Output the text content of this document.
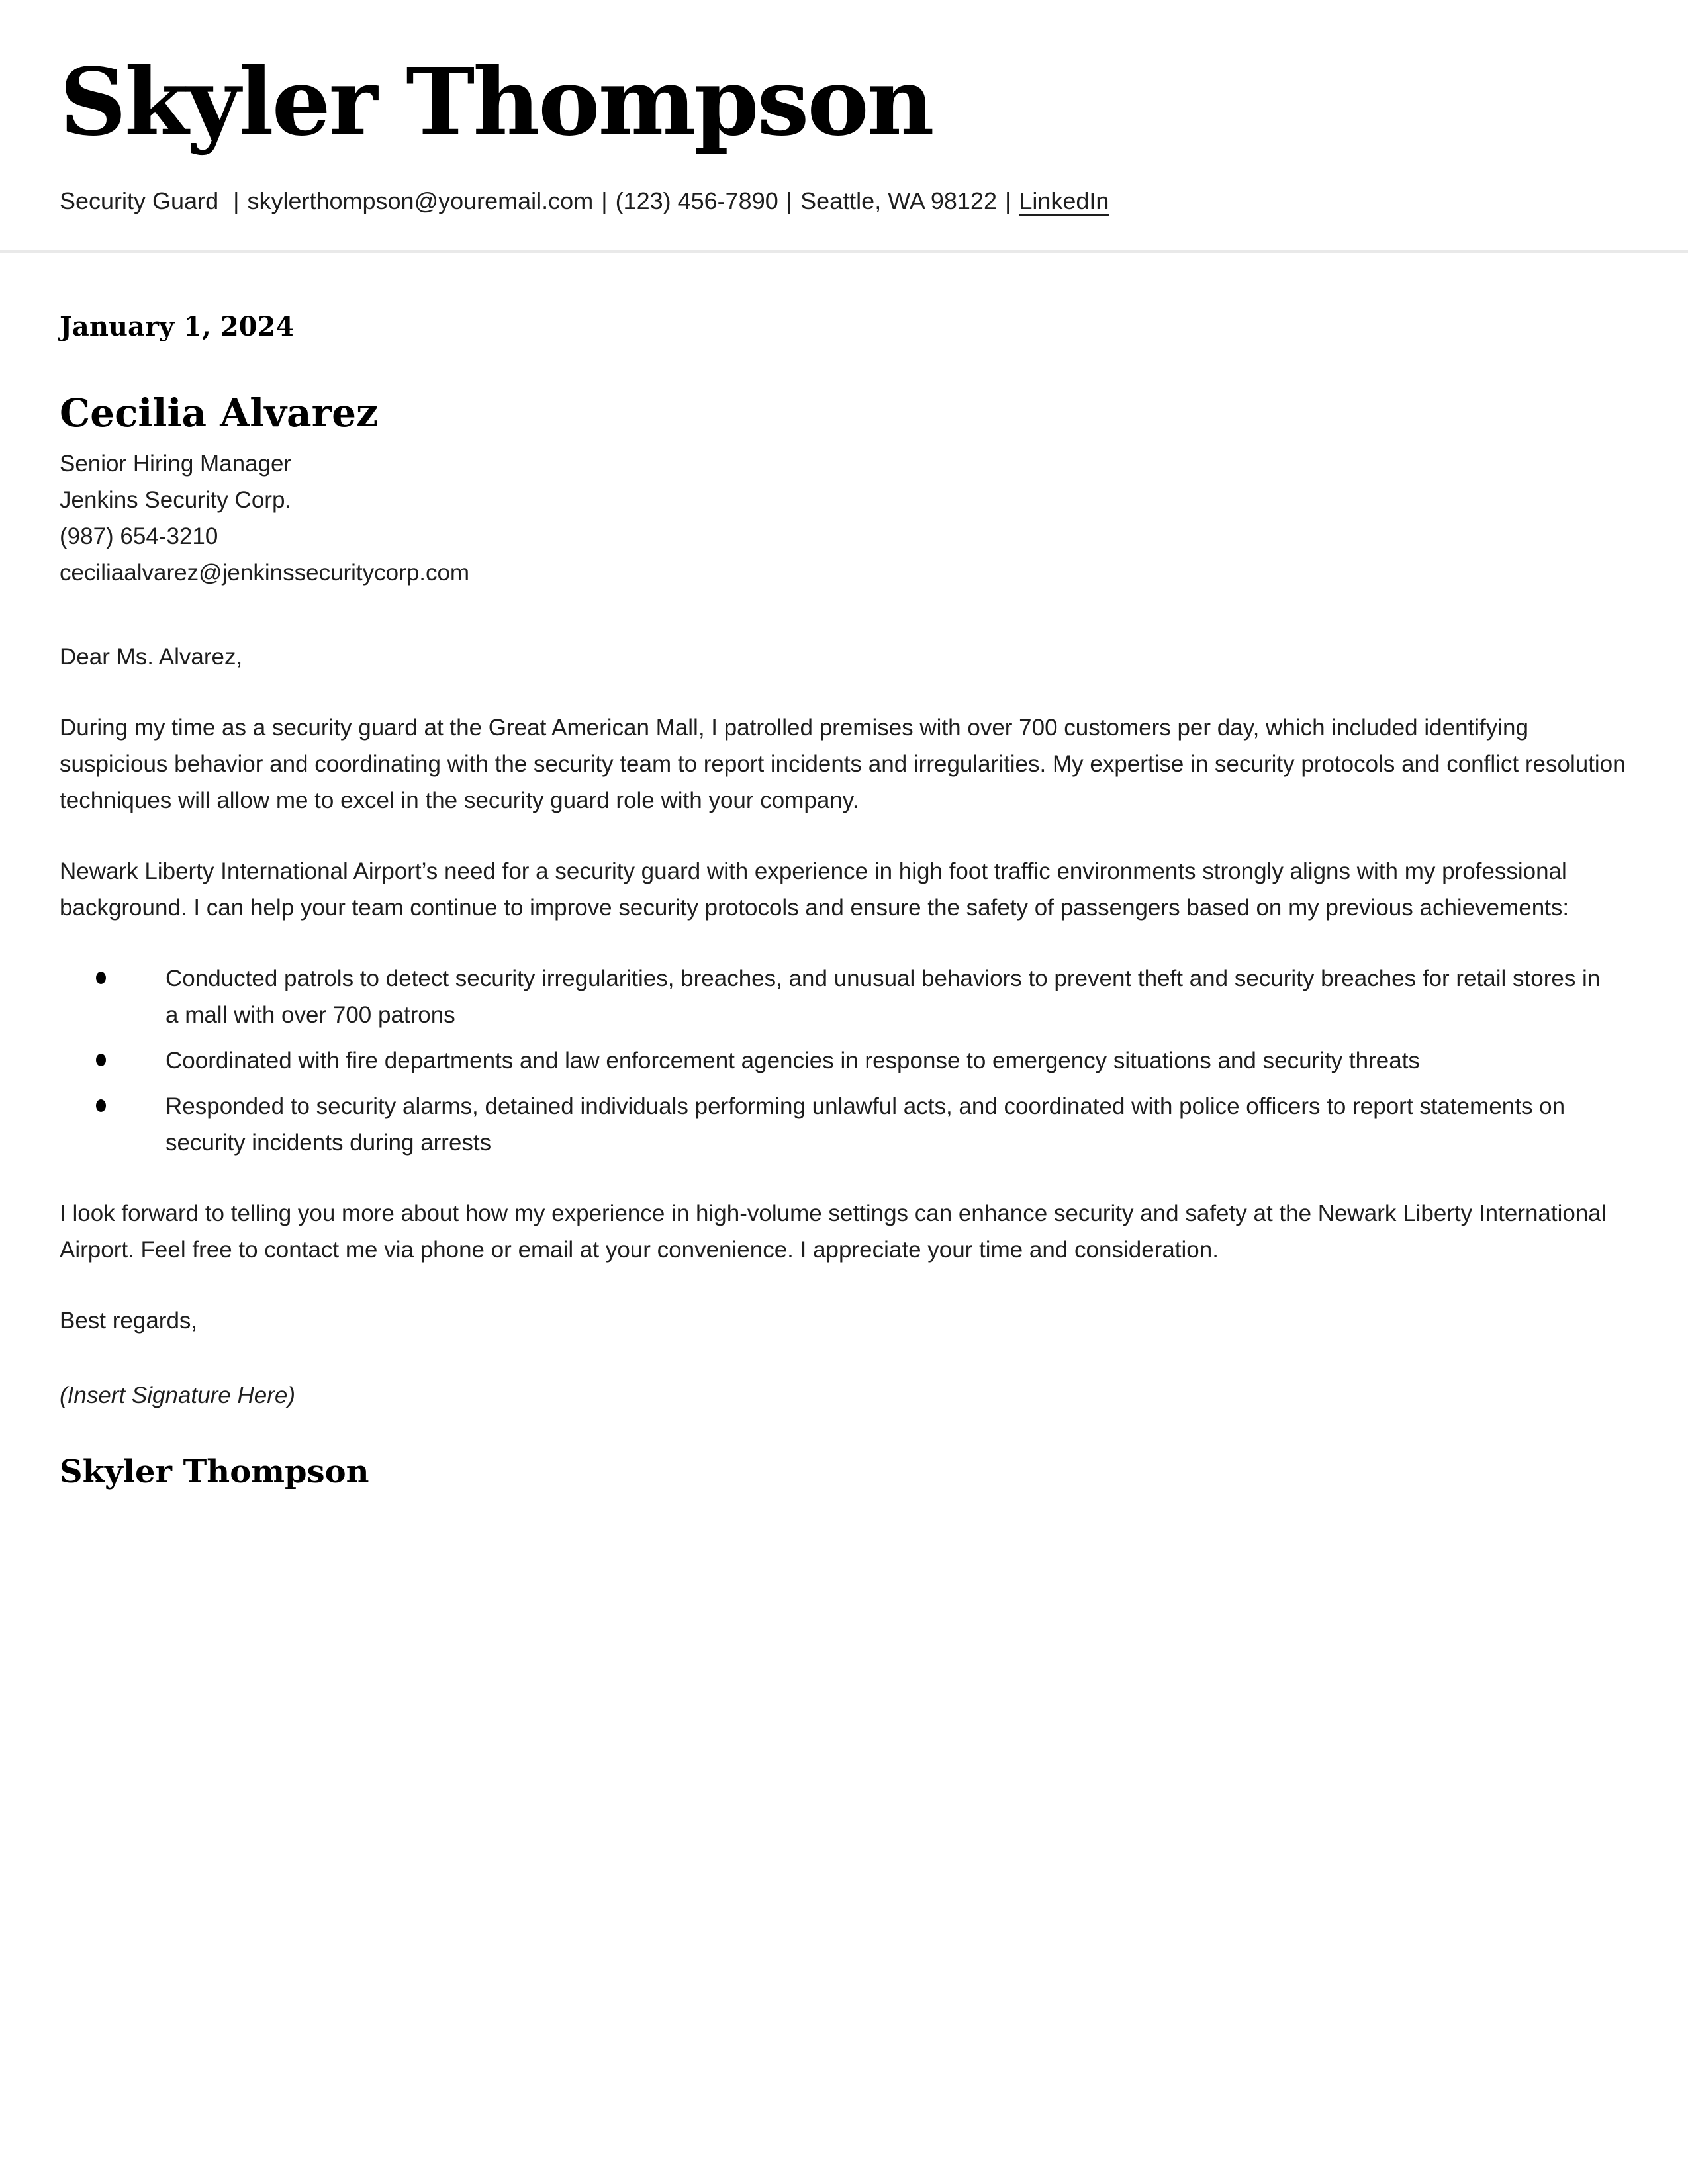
Skyler Thompson
Security Guard | skylerthompson@youremail.com | (123) 456-7890 | Seattle, WA 98122 | LinkedIn
January 1, 2024
Cecilia Alvarez
Senior Hiring Manager
Jenkins Security Corp.
(987) 654-3210
ceciliaalvarez@jenkinssecuritycorp.com
Dear Ms. Alvarez,
During my time as a security guard at the Great American Mall, I patrolled premises with over 700 customers per day, which included identifying suspicious behavior and coordinating with the security team to report incidents and irregularities. My expertise in security protocols and conflict resolution techniques will allow me to excel in the security guard role with your company.
Newark Liberty International Airport’s need for a security guard with experience in high foot traffic environments strongly aligns with my professional background. I can help your team continue to improve security protocols and ensure the safety of passengers based on my previous achievements:
Conducted patrols to detect security irregularities, breaches, and unusual behaviors to prevent theft and security breaches for retail stores in a mall with over 700 patrons
Coordinated with fire departments and law enforcement agencies in response to emergency situations and security threats
Responded to security alarms, detained individuals performing unlawful acts, and coordinated with police officers to report statements on security incidents during arrests
I look forward to telling you more about how my experience in high-volume settings can enhance security and safety at the Newark Liberty International Airport. Feel free to contact me via phone or email at your convenience. I appreciate your time and consideration.
Best regards,
(Insert Signature Here)
Skyler Thompson
